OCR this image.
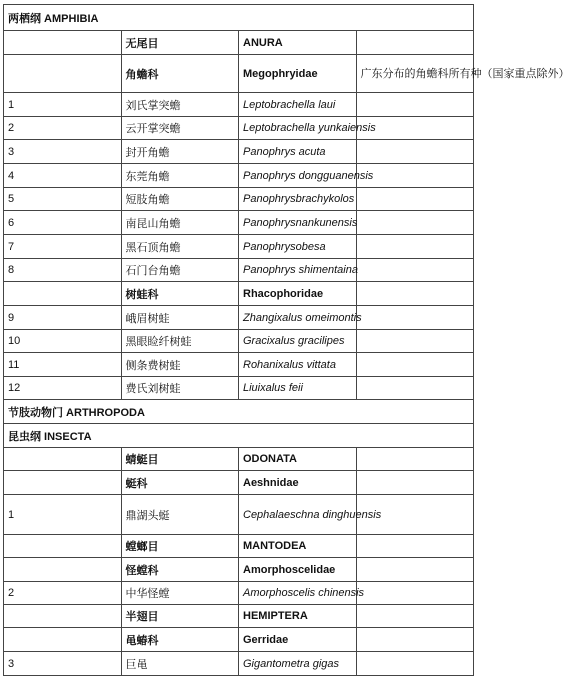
两栖纲 AMPHIBIA			
	无尾目	ANURA	
	角蟾科	Megophryidae	广东分布的角蟾科所有种（国家重点除外）
1	刘氏掌突蟾	Leptobrachella laui	
2	云开掌突蟾	Leptobrachella yunkaiensis	
3	封开角蟾	Panophrys acuta	
4	东莞角蟾	Panophrys dongguanensis	
5	短肢角蟾	Panophrysbrachykolos	
6	南昆山角蟾	Panophrysnankunensis	
7	黑石顶角蟾	Panophrysobesa	
8	石门台角蟾	Panophrys shimentaina	
	树蛙科	Rhacophoridae	
9	峨眉树蛙	Zhangixalus omeimontis	
10	黑眼睑纤树蛙	Gracixalus gracilipes	
11	侧条费树蛙	Rohanixalus vittata	
12	费氏刘树蛙	Liuixalus feii	
节肢动物门 ARTHROPODA			
昆虫纲 INSECTA			
	蜻蜓目	ODONATA	
	蜓科	Aeshnidae	
1	鼎湖头蜓	Cephalaeschna dinghuensis	
	螳螂目	MANTODEA	
	怪螳科	Amorphoscelidae	
2	中华怪螳	Amorphoscelis chinensis	
	半翅目	HEMIPTERA	
	黾蝽科	Gerridae	
3	巨黾	Gigantometra gigas	
